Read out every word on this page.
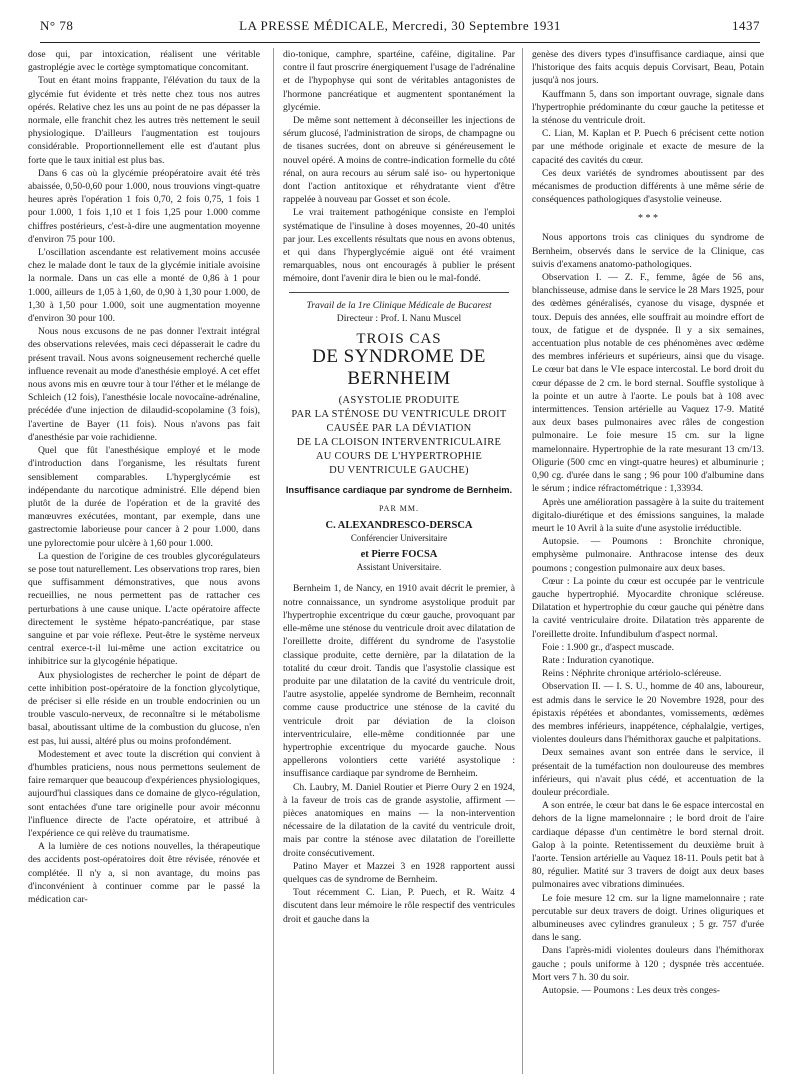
N° 78	LA PRESSE MÉDICALE, Mercredi, 30 Septembre 1931	1437

dose qui, par intoxication, réalisent une véritable gastroplégie avec le cortège symptomatique concomitant.

Tout en étant moins frappante, l'élévation du taux de la glycémie fut évidente et très nette chez tous nos autres opérés. Relative chez les uns au point de ne pas dépasser la normale, elle franchit chez les autres très nettement le seuil physiologique. D'ailleurs l'augmentation est toujours considérable. Proportionnellement elle est d'autant plus forte que le taux initial est plus bas.

Dans 6 cas où la glycémie préopératoire avait été très abaissée, 0,50-0,60 pour 1.000, nous trouvions vingt-quatre heures après l'opération 1 fois 0,70, 2 fois 0,75, 1 fois 1 pour 1.000, 1 fois 1,10 et 1 fois 1,25 pour 1.000 comme chiffres postérieurs, c'est-à-dire une augmentation moyenne d'environ 75 pour 100.

L'oscillation ascendante est relativement moins accusée chez le malade dont le taux de la glycémie initiale avoisine la normale. Dans un cas elle a monté de 0,86 à 1 pour 1.000, ailleurs de 1,05 à 1,60, de 0,90 à 1,30 pour 1.000, de 1,30 à 1,50 pour 1.000, soit une augmentation moyenne d'environ 30 pour 100.

Nous nous excusons de ne pas donner l'extrait intégral des observations relevées, mais ceci dépasserait le cadre du présent travail. Nous avons soigneusement recherché quelle influence revenait au mode d'anesthésie employé. A cet effet nous avons mis en œuvre tour à tour l'éther et le mélange de Schleich (12 fois), l'anesthésie locale novocaïne-adrénaline, précédée d'une injection de dilaudid-scopolamine (3 fois), l'avertine de Bayer (11 fois). Nous n'avons pas fait d'anesthésie par voie rachidienne.

Quel que fût l'anesthésique employé et le mode d'introduction dans l'organisme, les résultats furent sensiblement comparables. L'hyperglycémie est indépendante du narcotique administré. Elle dépend bien plutôt de la durée de l'opération et de la gravité des manœuvres exécutées, montant, par exemple, dans une gastrectomie laborieuse pour cancer à 2 pour 1.000, dans une pylorectomie pour ulcère à 1,60 pour 1.000.

La question de l'origine de ces troubles glycorégulateurs se pose tout naturellement. Les observations trop rares, bien que suffisamment démonstratives, que nous avons recueillies, ne nous permettent pas de rattacher ces perturbations à une cause unique. L'acte opératoire affecte directement le système hépato-pancréatique, par stase sanguine et par voie réflexe. Peut-être le système nerveux central exerce-t-il lui-même une action excitatrice ou inhibitrice sur la glycogénie hépatique.

Aux physiologistes de rechercher le point de départ de cette inhibition post-opératoire de la fonction glycolytique, de préciser si elle réside en un trouble endocrinien ou un trouble vasculo-nerveux, de reconnaître si le métabolisme basal, aboutissant ultime de la combustion du glucose, n'en est pas, lui aussi, altéré plus ou moins profondément.

Modestement et avec toute la discrétion qui convient à d'humbles praticiens, nous nous permettons seulement de faire remarquer que beaucoup d'expériences physiologiques, aujourd'hui classiques dans ce domaine de glyco-régulation, sont entachées d'une tare originelle pour avoir méconnu l'influence directe de l'acte opératoire, et attribué à l'expérience ce qui relève du traumatisme.

A la lumière de ces notions nouvelles, la thérapeutique des accidents post-opératoires doit être révisée, rénovée et complétée. Il n'y a, si non avantage, du moins pas d'inconvénient à continuer comme par le passé la médication car-

dio-tonique, camphre, spartéine, caféine, digitaline. Par contre il faut proscrire énergiquement l'usage de l'adrénaline et de l'hypophyse qui sont de véritables antagonistes de l'hormone pancréatique et augmentent spontanément la glycémie.

De même sont nettement à déconseiller les injections de sérum glucosé, l'administration de sirops, de champagne ou de tisanes sucrées, dont on abreuve si généreusement le nouvel opéré. A moins de contre-indication formelle du côté rénal, on aura recours au sérum salé iso- ou hypertonique dont l'action antitoxique et réhydratante vient d'être rappelée à nouveau par Gosset et son école.

Le vrai traitement pathogénique consiste en l'emploi systématique de l'insuline à doses moyennes, 20-40 unités par jour. Les excellents résultats que nous en avons obtenus, et qui dans l'hyperglycémie aiguë ont été vraiment remarquables, nous ont encouragés à publier le présent mémoire, dont l'avenir dira le bien ou le mal-fondé.

Travail de la 1re Clinique Médicale de Bucarest
Directeur : Prof. I. Nanu Muscel
TROIS CAS
DE SYNDROME DE BERNHEIM
(ASYSTOLIE PRODUITE
PAR LA STÉNOSE DU VENTRICULE DROIT
CAUSÉE PAR LA DÉVIATION
DE LA CLOISON INTERVENTRICULAIRE
AU COURS DE L'HYPERTROPHIE
DU VENTRICULE GAUCHE)
Insuffisance cardiaque par syndrome de Bernheim.
PAR MM.
C. ALEXANDRESCO-DERSCA
Conférencier Universitaire
et Pierre FOCSA
Assistant Universitaire.

Bernheim 1, de Nancy, en 1910 avait décrit le premier, à notre connaissance, un syndrome asystolique produit par l'hypertrophie excentrique du cœur gauche, provoquant par elle-même une sténose du ventricule droit avec dilatation de l'oreillette droite, différent du syndrome de l'asystolie classique produite, cette dernière, par la dilatation de la totalité du cœur droit. Tandis que l'asystolie classique est produite par une dilatation de la cavité du ventricule droit, l'autre asystolie, appelée syndrome de Bernheim, reconnaît comme cause productrice une sténose de la cavité du ventricule droit par déviation de la cloison interventriculaire, elle-même conditionnée par une hypertrophie excentrique du myocarde gauche. Nous appellerons volontiers cette variété asystolique : insuffisance cardiaque par syndrome de Bernheim.

Ch. Laubry, M. Daniel Routier et Pierre Oury 2 en 1924, à la faveur de trois cas de grande asystolie, affirment — pièces anatomiques en mains — la non-intervention nécessaire de la dilatation de la cavité du ventricule droit, mais par contre la sténose avec dilatation de l'oreillette droite consécutivement.

Patino Mayer et Mazzei 3 en 1928 rapportent aussi quelques cas de syndrome de Bernheim.

Tout récemment C. Lian, P. Puech, et R. Waitz 4 discutent dans leur mémoire le rôle respectif des ventricules droit et gauche dans la

genèse des divers types d'insuffisance cardiaque, ainsi que l'historique des faits acquis depuis Corvisart, Beau, Potain jusqu'à nos jours.

Kauffmann 5, dans son important ouvrage, signale dans l'hypertrophie prédominante du cœur gauche la petitesse et la sténose du ventricule droit.

C. Lian, M. Kaplan et P. Puech 6 précisent cette notion par une méthode originale et exacte de mesure de la capacité des cavités du cœur.

Ces deux variétés de syndromes aboutissent par des mécanismes de production différents à une même série de conséquences pathologiques d'asystolie veineuse.

* * *

Nous apportons trois cas cliniques du syndrome de Bernheim, observés dans le service de la Clinique, cas suivis d'examens anatomo-pathologiques.

Observation I. — Z. F., femme, âgée de 56 ans, blanchisseuse, admise dans le service le 28 Mars 1925, pour des œdèmes généralisés, cyanose du visage, dyspnée et toux. Depuis des années, elle souffrait au moindre effort de toux, de fatigue et de dyspnée. Il y a six semaines, accentuation plus notable de ces phénomènes avec œdème des membres inférieurs et supérieurs, ainsi que du visage. Le cœur bat dans le VIe espace intercostal. Le bord droit du cœur dépasse de 2 cm. le bord sternal. Souffle systolique à la pointe et un autre à l'aorte. Le pouls bat à 108 avec intermittences. Tension artérielle au Vaquez 17-9. Matité aux deux bases pulmonaires avec râles de congestion pulmonaire. Le foie mesure 15 cm. sur la ligne mamelonnaire. Hypertrophie de la rate mesurant 13 cm/13. Oligurie (500 cmc en vingt-quatre heures) et albuminurie ; 0,90 cg. d'urée dans le sang ; 96 pour 100 d'albumine dans le sérum ; indice réfractométrique : 1,33934.

Après une amélioration passagère à la suite du traitement digitalo-diurétique et des émissions sanguines, la malade meurt le 10 Avril à la suite d'une asystolie irréductible.

Autopsie. — Poumons : Bronchite chronique, emphysème pulmonaire. Anthracose intense des deux poumons ; congestion pulmonaire aux deux bases.

Cœur : La pointe du cœur est occupée par le ventricule gauche hypertrophié. Myocardite chronique scléreuse. Dilatation et hypertrophie du cœur gauche qui pénètre dans la cavité ventriculaire droite. Dilatation très apparente de l'oreillette droite. Infundibulum d'aspect normal.

Foie : 1.900 gr., d'aspect muscade.

Rate : Induration cyanotique.

Reins : Néphrite chronique artériolo-scléreuse.

Observation II. — I. S. U., homme de 40 ans, laboureur, est admis dans le service le 20 Novembre 1928, pour des épistaxis répétées et abondantes, vomissements, œdèmes des membres inférieurs, inappétence, céphalalgie, vertiges, violentes douleurs dans l'hémithorax gauche et palpitations.

Deux semaines avant son entrée dans le service, il présentait de la tuméfaction non douloureuse des membres inférieurs, qui n'avait plus cédé, et accentuation de la douleur précordiale.

A son entrée, le cœur bat dans le 6e espace intercostal en dehors de la ligne mamelonnaire ; le bord droit de l'aire cardiaque dépasse d'un centimètre le bord sternal droit. Galop à la pointe. Retentissement du deuxième bruit à l'aorte. Tension artérielle au Vaquez 18-11. Pouls petit bat à 80, régulier. Matité sur 3 travers de doigt aux deux bases pulmonaires avec vibrations diminuées.

Le foie mesure 12 cm. sur la ligne mamelonnaire ; rate percutable sur deux travers de doigt. Urines oliguriques et albumineuses avec cylindres granuleux ; 5 gr. 757 d'urée dans le sang.

Dans l'après-midi violentes douleurs dans l'hémithorax gauche ; pouls uniforme à 120 ; dyspnée très accentuée. Mort vers 7 h. 30 du soir.

Autopsie. — Poumons : Les deux très conges-
